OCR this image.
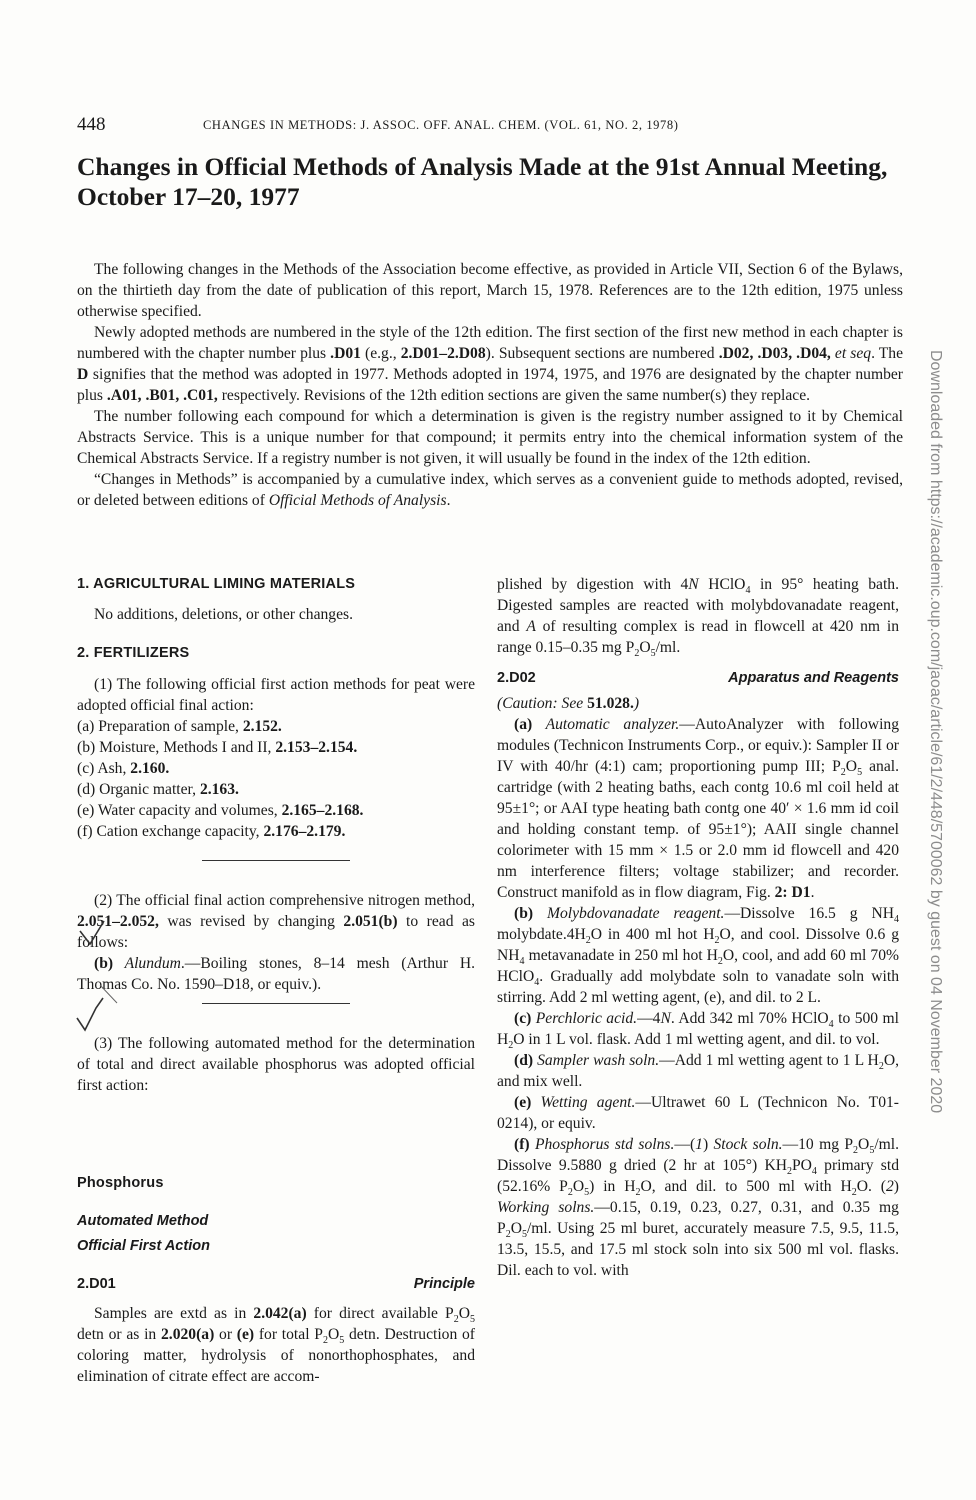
448	CHANGES IN METHODS: J. ASSOC. OFF. ANAL. CHEM. (VOL. 61, NO. 2, 1978)
Changes in Official Methods of Analysis Made at the 91st Annual Meeting, October 17–20, 1977

The following changes in the Methods of the Association become effective, as provided in Article VII, Section 6 of the Bylaws, on the thirtieth day from the date of publication of this report, March 15, 1978. References are to the 12th edition, 1975 unless otherwise specified.

Newly adopted methods are numbered in the style of the 12th edition. The first section of the first new method in each chapter is numbered with the chapter number plus .D01 (e.g., 2.D01–2.D08). Subsequent sections are numbered .D02, .D03, .D04, et seq. The D signifies that the method was adopted in 1977. Methods adopted in 1974, 1975, and 1976 are designated by the chapter number plus .A01, .B01, .C01, respectively. Revisions of the 12th edition sections are given the same number(s) they replace.

The number following each compound for which a determination is given is the registry number assigned to it by Chemical Abstracts Service. This is a unique number for that compound; it permits entry into the chemical information system of the Chemical Abstracts Service. If a registry number is not given, it will usually be found in the index of the 12th edition.

“Changes in Methods” is accompanied by a cumulative index, which serves as a convenient guide to methods adopted, revised, or deleted between editions of Official Methods of Analysis.

1. AGRICULTURAL LIMING MATERIALS

No additions, deletions, or other changes.

2. FERTILIZERS

(1) The following official first action methods for peat were adopted official final action:

(a) Preparation of sample, 2.152.

(b) Moisture, Methods I and II, 2.153–2.154.

(c) Ash, 2.160.

(d) Organic matter, 2.163.

(e) Water capacity and volumes, 2.165–2.168.

(f) Cation exchange capacity, 2.176–2.179.

(2) The official final action comprehensive nitrogen method, 2.051–2.052, was revised by changing 2.051(b) to read as follows:

(b) Alundum.—Boiling stones, 8–14 mesh (Arthur H. Thomas Co. No. 1590–D18, or equiv.).

(3) The following automated method for the determination of total and direct available phosphorus was adopted official first action:

Phosphorus

Automated Method

Official First Action

2.D01	Principle

Samples are extd as in 2.042(a) for direct available $P_2O_5$ detn or as in 2.020(a) or (e) for total $P_2O_5$ detn. Destruction of coloring matter, hydrolysis of nonorthophosphates, and elimination of citrate effect are accom-

plished by digestion with 4N HClO$_4$ in 95° heating bath. Digested samples are reacted with molybdovanadate reagent, and A of resulting complex is read in flowcell at 420 nm in range 0.15–0.35 mg $P_2O_5/ml$.

2.D02	Apparatus and Reagents

(Caution: See 51.028.)

(a) Automatic analyzer.—AutoAnalyzer with following modules (Technicon Instruments Corp., or equiv.): Sampler II or IV with 40/hr (4:1) cam; proportioning pump III; $P_2O_5$ anal. cartridge (with 2 heating baths, each contg 10.6 ml coil held at 95±1°; or AAI type heating bath contg one 40′ × 1.6 mm id coil and holding constant temp. of 95±1°); AAII single channel colorimeter with 15 mm × 1.5 or 2.0 mm id flowcell and 420 nm interference filters; voltage stabilizer; and recorder. Construct manifold as in flow diagram, Fig. 2: D1.

(b) Molybdovanadate reagent.—Dissolve 16.5 g $NH_4$ $molybdate.4H_2O$ in 400 ml hot $H_2O$, and cool. Dissolve 0.6 g $NH_4$ metavanadate in 250 ml hot $H_2O$, cool, and add 60 ml 70% HClO$_4$. Gradually add molybdate soln to vanadate soln with stirring. Add 2 ml wetting agent, (e), and dil. to 2 L.

(c) Perchloric acid.—4N. Add 342 ml 70% HClO$_4$ to 500 ml $H_2O$ in 1 L vol. flask. Add 1 ml wetting agent, and dil. to vol.

(d) Sampler wash soln.—Add 1 ml wetting agent to 1 L $H_2O$, and mix well.

(e) Wetting agent.—Ultrawet 60 L (Technicon No. T01-0214), or equiv.

(f) Phosphorus std solns.—(1) Stock soln.—10 mg $P_2O_5/ml$. Dissolve 9.5880 g dried (2 hr at 105°) $KH_2PO_4$ primary std (52.16% $P_2O_5$) in $H_2O$, and dil. to 500 ml with $H_2O$. (2) Working solns.—0.15, 0.19, 0.23, 0.27, 0.31, and 0.35 mg $P_2O_5/ml$. Using 25 ml buret, accurately measure 7.5, 9.5, 11.5, 13.5, 15.5, and 17.5 ml stock soln into six 500 ml vol. flasks. Dil. each to vol. with

Downloaded from https://academic.oup.com/jaoac/article/61/2/448/5700062 by guest on 04 November 2020
